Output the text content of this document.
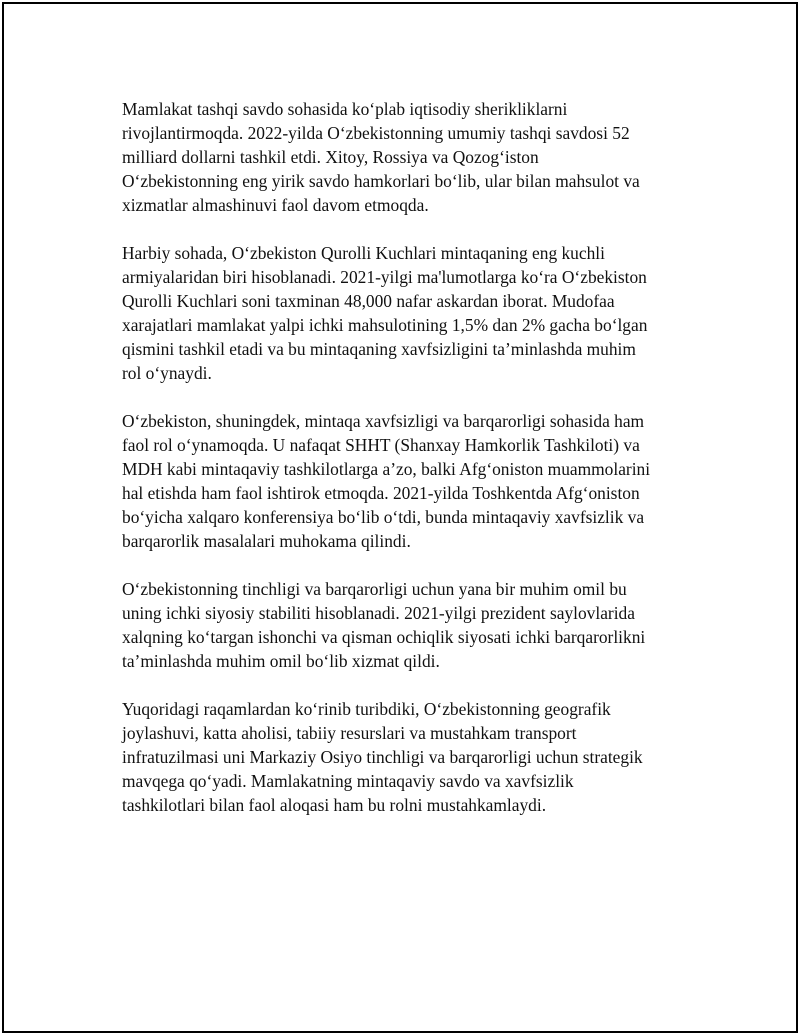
Mamlakat tashqi savdo sohasida ko‘plab iqtisodiy sherikliklarni
rivojlantirmoqda. 2022-yilda O‘zbekistonning umumiy tashqi savdosi 52
milliard dollarni tashkil etdi. Xitoy, Rossiya va Qozog‘iston
O‘zbekistonning eng yirik savdo hamkorlari bo‘lib, ular bilan mahsulot va
xizmatlar almashinuvi faol davom etmoqda.

Harbiy sohada, O‘zbekiston Qurolli Kuchlari mintaqaning eng kuchli
armiyalaridan biri hisoblanadi. 2021-yilgi ma'lumotlarga ko‘ra O‘zbekiston
Qurolli Kuchlari soni taxminan 48,000 nafar askardan iborat. Mudofaa
xarajatlari mamlakat yalpi ichki mahsulotining 1,5% dan 2% gacha bo‘lgan
qismini tashkil etadi va bu mintaqaning xavfsizligini ta’minlashda muhim
rol o‘ynaydi.

O‘zbekiston, shuningdek, mintaqa xavfsizligi va barqarorligi sohasida ham
faol rol o‘ynamoqda. U nafaqat SHHT (Shanxay Hamkorlik Tashkiloti) va
MDH kabi mintaqaviy tashkilotlarga a’zo, balki Afg‘oniston muammolarini
hal etishda ham faol ishtirok etmoqda. 2021-yilda Toshkentda Afg‘oniston
bo‘yicha xalqaro konferensiya bo‘lib o‘tdi, bunda mintaqaviy xavfsizlik va
barqarorlik masalalari muhokama qilindi.

O‘zbekistonning tinchligi va barqarorligi uchun yana bir muhim omil bu
uning ichki siyosiy stabiliti hisoblanadi. 2021-yilgi prezident saylovlarida
xalqning ko‘targan ishonchi va qisman ochiqlik siyosati ichki barqarorlikni
ta’minlashda muhim omil bo‘lib xizmat qildi.

Yuqoridagi raqamlardan ko‘rinib turibdiki, O‘zbekistonning geografik
joylashuvi, katta aholisi, tabiiy resurslari va mustahkam transport
infratuzilmasi uni Markaziy Osiyo tinchligi va barqarorligi uchun strategik
mavqega qo‘yadi. Mamlakatning mintaqaviy savdo va xavfsizlik
tashkilotlari bilan faol aloqasi ham bu rolni mustahkamlaydi.
